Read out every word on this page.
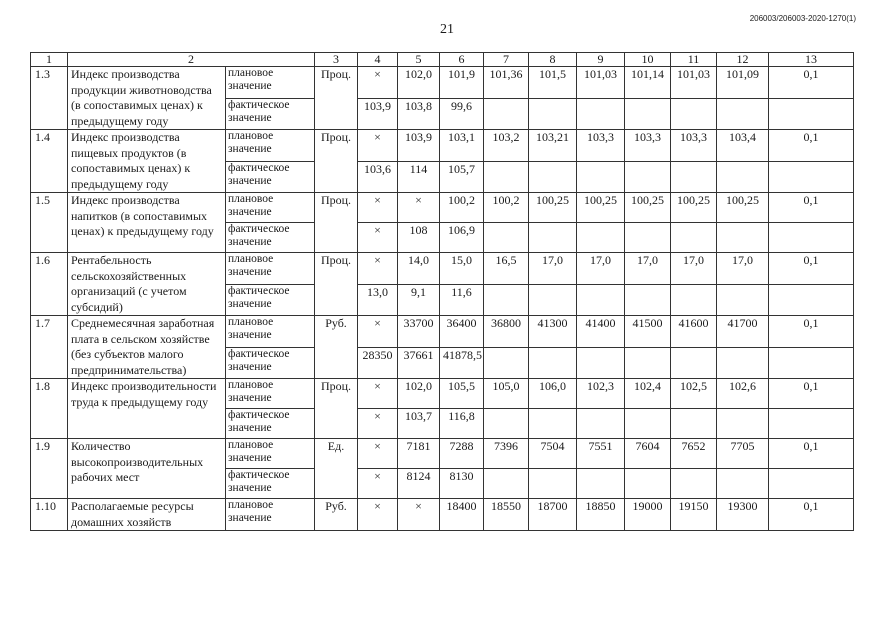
21
206003/206003-2020-1270(1)
1	2		3	4	5	6	7	8	9	10	11	12	13
1.3	Индекс производства продукции животноводства (в сопоставимых ценах) к предыдущему году	плановое значение	Проц.	×	102,0	101,9	101,36	101,5	101,03	101,14	101,03	101,09	0,1
		фактическое значение		103,9	103,8	99,6							
1.4	Индекс производства пищевых продуктов (в сопоставимых ценах) к предыдущему году	плановое значение	Проц.	×	103,9	103,1	103,2	103,21	103,3	103,3	103,3	103,4	0,1
		фактическое значение		103,6	114	105,7							
1.5	Индекс производства напитков (в сопоставимых ценах) к предыдущему году	плановое значение	Проц.	×	×	100,2	100,2	100,25	100,25	100,25	100,25	100,25	0,1
		фактическое значение		×	108	106,9							
1.6	Рентабельность сельскохозяйственных организаций (с учетом субсидий)	плановое значение	Проц.	×	14,0	15,0	16,5	17,0	17,0	17,0	17,0	17,0	0,1
		фактическое значение		13,0	9,1	11,6							
1.7	Среднемесячная заработная плата в сельском хозяйстве (без субъектов малого предпринимательства)	плановое значение	Руб.	×	33700	36400	36800	41300	41400	41500	41600	41700	0,1
		фактическое значение		28350	37661	41878,5							
1.8	Индекс производительности труда к предыдущему году	плановое значение	Проц.	×	102,0	105,5	105,0	106,0	102,3	102,4	102,5	102,6	0,1
		фактическое значение		×	103,7	116,8							
1.9	Количество высокопроизводительных рабочих мест	плановое значение	Ед.	×	7181	7288	7396	7504	7551	7604	7652	7705	0,1
		фактическое значение		×	8124	8130							
1.10	Располагаемые ресурсы домашних хозяйств	плановое значение	Руб.	×	×	18400	18550	18700	18850	19000	19150	19300	0,1
